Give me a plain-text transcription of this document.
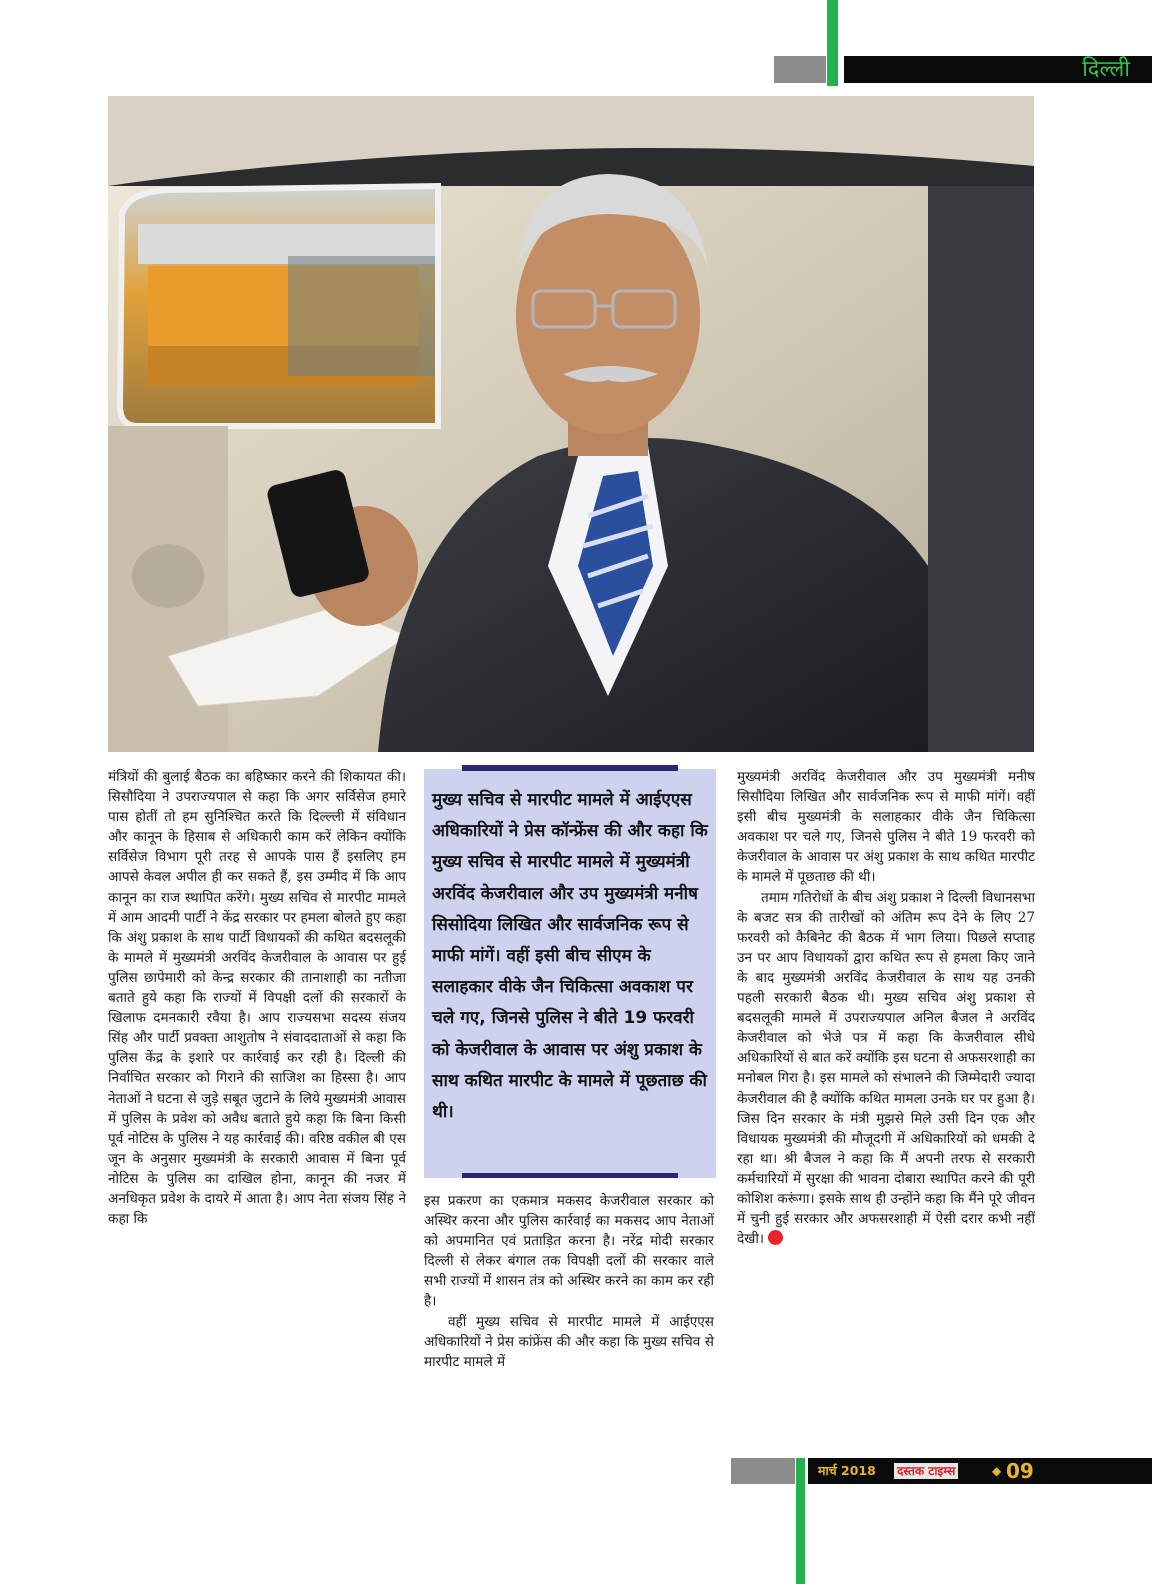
दिल्ली

मंत्रियों की बुलाई बैठक का बहिष्कार करने की शिकायत की। सिसौदिया ने उपराज्यपाल से कहा कि अगर सर्विसेज हमारे पास होतीं तो हम सुनिश्चित करते कि दिल्ल्ली में संविधान और कानून के हिसाब से अधिकारी काम करें लेकिन क्योंकि सर्विसेज विभाग पूरी तरह से आपके पास हैं इसलिए हम आपसे केवल अपील ही कर सकते हैं, इस उम्मीद में कि आप कानून का राज स्थापित करेंगे। मुख्य सचिव से मारपीट मामले में आम आदमी पार्टी ने केंद्र सरकार पर हमला बोलते हुए कहा कि अंशु प्रकाश के साथ पार्टी विधायकों की कथित बदसलूकी के मामले में मुख्यमंत्री अरविंद केजरीवाल के आवास पर हुई पुलिस छापेमारी को केन्द्र सरकार की तानाशाही का नतीजा बताते हुये कहा कि राज्यों में विपक्षी दलों की सरकारों के खिलाफ दमनकारी रवैया है। आप राज्यसभा सदस्य संजय सिंह और पार्टी प्रवक्ता आशुतोष ने संवाददाताओं से कहा कि पुलिस केंद्र के इशारे पर कार्रवाई कर रही है। दिल्ली की निर्वाचित सरकार को गिराने की साजिश का हिस्सा है। आप नेताओं ने घटना से जुड़े सबूत जुटाने के लिये मुख्यमंत्री आवास में पुलिस के प्रवेश को अवैध बताते हुये कहा कि बिना किसी पूर्व नोटिस के पुलिस ने यह कार्रवाई की। वरिष्ठ वकील बी एस जून के अनुसार मुख्यमंत्री के सरकारी आवास में बिना पूर्व नोटिस के पुलिस का दाखिल होना, कानून की नजर में अनधिकृत प्रवेश के दायरे में आता है। आप नेता संजय सिंह ने कहा कि

मुख्य सचिव से मारपीट मामले में आईएएस अधिकारियों ने प्रेस कॉन्फ्रेंस की और कहा कि मुख्य सचिव से मारपीट मामले में मुख्यमंत्री अरविंद केजरीवाल और उप मुख्यमंत्री मनीष सिसोदिया लिखित और सार्वजनिक रूप से माफी मांगें। वहीं इसी बीच सीएम के सलाहकार वीके जैन चिकित्सा अवकाश पर चले गए, जिनसे पुलिस ने बीते 19 फरवरी को केजरीवाल के आवास पर अंशु प्रकाश के साथ कथित मारपीट के मामले में पूछताछ की थी।

इस प्रकरण का एकमात्र मकसद केजरीवाल सरकार को अस्थिर करना और पुलिस कार्रवाई का मकसद आप नेताओं को अपमानित एवं प्रताड़ित करना है। नरेंद्र मोदी सरकार दिल्ली से लेकर बंगाल तक विपक्षी दलों की सरकार वाले सभी राज्यों में शासन तंत्र को अस्थिर करने का काम कर रही है।

वहीं मुख्य सचिव से मारपीट मामले में आईएएस अधिकारियों ने प्रेस कांफ्रेंस की और कहा कि मुख्य सचिव से मारपीट मामले में

मुख्यमंत्री अरविंद केजरीवाल और उप मुख्यमंत्री मनीष सिसौदिया लिखित और सार्वजनिक रूप से माफी मांगें। वहीं इसी बीच मुख्यमंत्री के सलाहकार वीके जैन चिकित्सा अवकाश पर चले गए, जिनसे पुलिस ने बीते 19 फरवरी को केजरीवाल के आवास पर अंशु प्रकाश के साथ कथित मारपीट के मामले में पूछताछ की थी।

तमाम गतिरोधों के बीच अंशु प्रकाश ने दिल्ली विधानसभा के बजट सत्र की तारीखों को अंतिम रूप देने के लिए 27 फरवरी को कैबिनेट की बैठक में भाग लिया। पिछले सप्ताह उन पर आप विधायकों द्वारा कथित रूप से हमला किए जाने के बाद मुख्यमंत्री अरविंद केजरीवाल के साथ यह उनकी पहली सरकारी बैठक थी। मुख्य सचिव अंशु प्रकाश से बदसलूकी मामले में उपराज्यपाल अनिल बैजल ने अरविंद केजरीवाल को भेजे पत्र में कहा कि केजरीवाल सीधे अधिकारियों से बात करें क्योंकि इस घटना से अफसरशाही का मनोबल गिरा है। इस मामले को संभालने की जिम्मेदारी ज्यादा केजरीवाल की है क्योंकि कथित मामला उनके घर पर हुआ है। जिस दिन सरकार के मंत्री मुझसे मिले उसी दिन एक और विधायक मुख्यमंत्री की मौजूदगी में अधिकारियों को धमकी दे रहा था। श्री बैजल ने कहा कि मैं अपनी तरफ से सरकारी कर्मचारियों में सुरक्षा की भावना दोबारा स्थापित करने की पूरी कोशिश करूंगा। इसके साथ ही उन्होंने कहा कि मैंने पूरे जीवन में चुनी हुई सरकार और अफसरशाही में ऐसी दरार कभी नहीं देखी।

मार्च 2018 दस्तक टाइम्स	◆ 09
